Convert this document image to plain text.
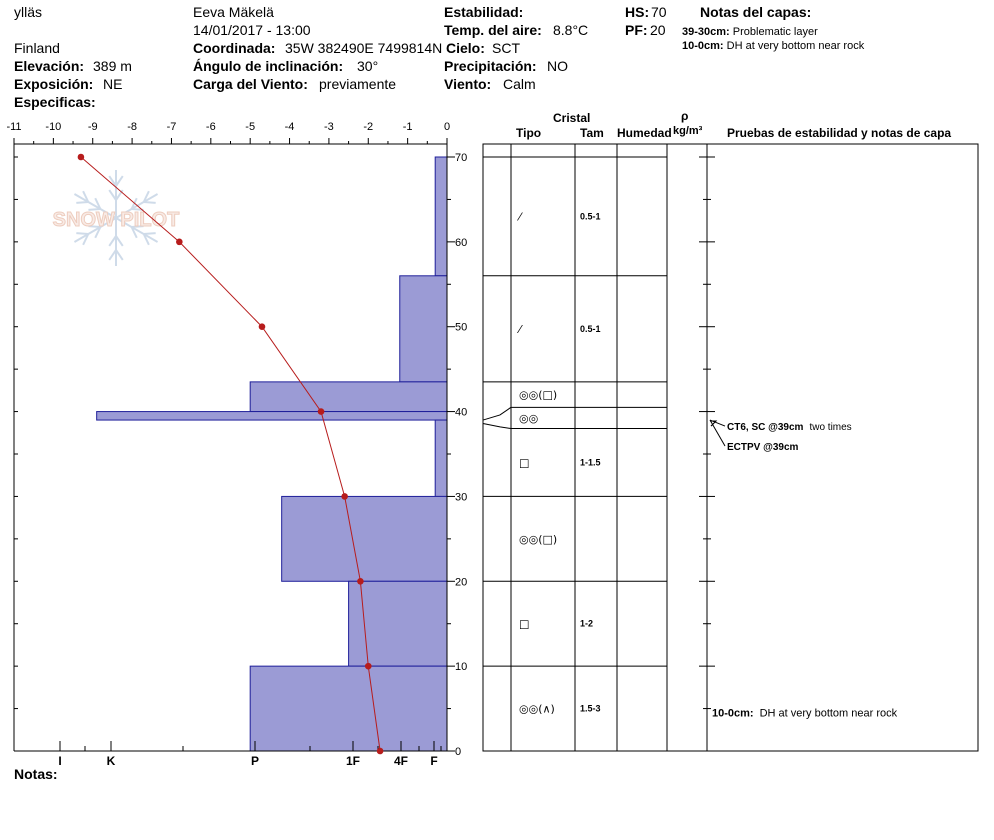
ylläs
Finland
Elevación: 389 m
Exposición: NE
Especificas:
Eeva Mäkelä
14/01/2017 - 13:00
Coordinada: 35W 382490E 7499814N
Ángulo de inclinación: 30°
Carga del Viento: previamente
Estabilidad:
Temp. del aire: 8.8°C
Cielo: SCT
Precipitación: NO
Viento: Calm
HS: 70
PF: 20
Notas del capas:
39-30cm: Problematic layer
10-0cm: DH at very bottom near rock
Notas:
Cristal
Tipo	Tam Humedad
ρ
kg/m³ Pruebas de estabilidad y notas de capa
SNOW PILOT
-11 -10 -9	-8	-7	-6	-5	-4	-3	-2	-1	0
0
10
20
30
40
50
60
70
I	K	P	1F	4F F
⁄	0.5-1
⁄	0.5-1
◎◎(□)
◎◎
□	1-1.5
◎◎(□)
□	1-2
◎◎(∧)	1.5-3
CT6, SC @39cm two times
ECTPV @39cm
10-0cm: DH at very bottom near rock
